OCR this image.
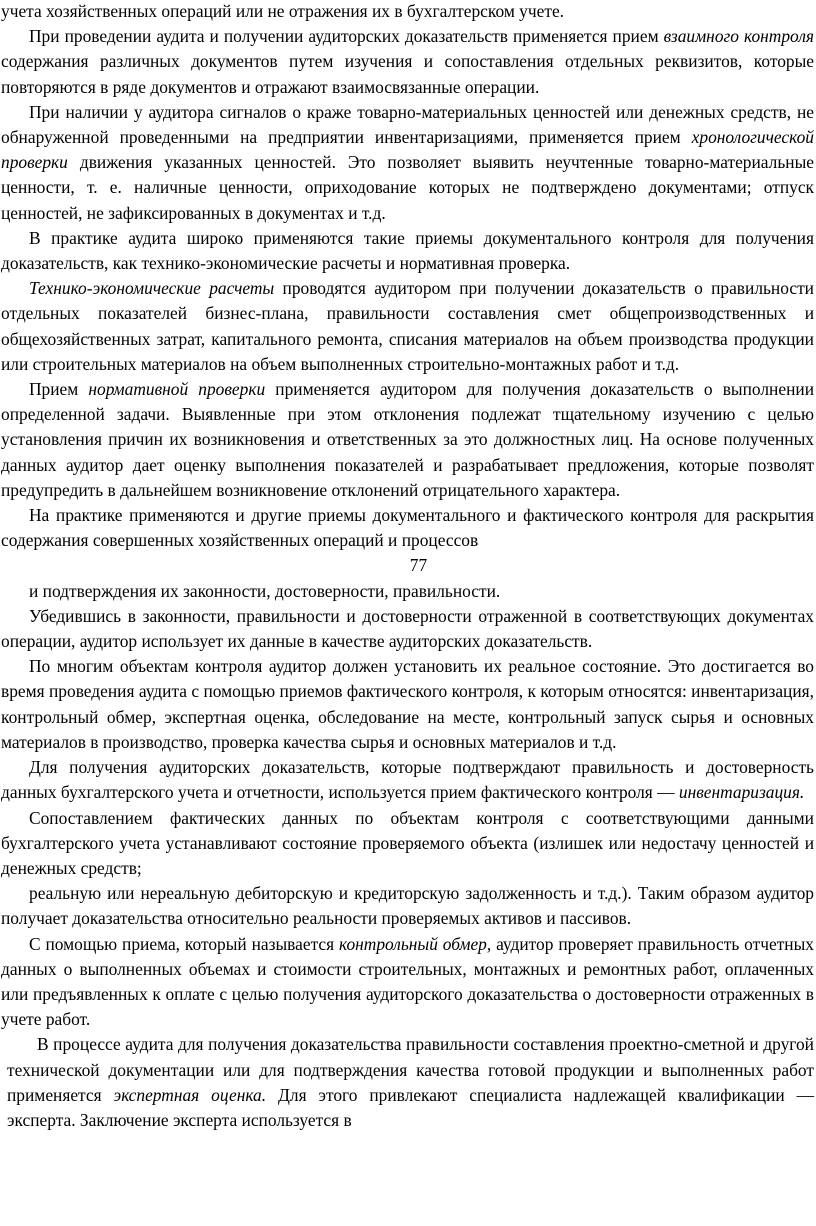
учета хозяйственных операций или не отражения их в бухгалтерском учете.

При проведении аудита и получении аудиторских доказательств применяется прием взаимного контроля содержания различных документов путем изучения и сопоставления отдельных реквизитов, которые повторяются в ряде документов и отражают взаимосвязанные операции.

При наличии у аудитора сигналов о краже товарно-материальных ценностей или денежных средств, не обнаруженной проведенными на предприятии инвентаризациями, применяется прием хронологической проверки движения указанных ценностей. Это позволяет выявить неучтенные товарно-материальные ценности, т. е. наличные ценности, оприходование которых не подтверждено документами; отпуск ценностей, не зафиксированных в документах и т.д.

В практике аудита широко применяются такие приемы документального контроля для получения доказательств, как технико-экономические расчеты и нормативная проверка.

Технико-экономические расчеты проводятся аудитором при получении доказательств о правильности отдельных показателей бизнес-плана, правильности составления смет общепроизводственных и общехозяйственных затрат, капитального ремонта, списания материалов на объем производства продукции или строительных материалов на объем выполненных строительно-монтажных работ и т.д.

Прием нормативной проверки применяется аудитором для получения доказательств о выполнении определенной задачи. Выявленные при этом отклонения подлежат тщательному изучению с целью установления причин их возникновения и ответственных за это должностных лиц. На основе полученных данных аудитор дает оценку выполнения показателей и разрабатывает предложения, которые позволят предупредить в дальнейшем возникновение отклонений отрицательного характера.

На практике применяются и другие приемы документального и фактического контроля для раскрытия содержания совершенных хозяйственных операций и процессов

77

и подтверждения их законности, достоверности, правильности.

Убедившись в законности, правильности и достоверности отраженной в соответствующих документах операции, аудитор использует их данные в качестве аудиторских доказательств.

По многим объектам контроля аудитор должен установить их реальное состояние. Это достигается во время проведения аудита с помощью приемов фактического контроля, к которым относятся: инвентаризация, контрольный обмер, экспертная оценка, обследование на месте, контрольный запуск сырья и основных материалов в производство, проверка качества сырья и основных материалов и т.д.

Для получения аудиторских доказательств, которые подтверждают правильность и достоверность данных бухгалтерского учета и отчетности, используется прием фактического контроля — инвентаризация.

Сопоставлением фактических данных по объектам контроля с соответствующими данными бухгалтерского учета устанавливают состояние проверяемого объекта (излишек или недостачу ценностей и денежных средств;

реальную или нереальную дебиторскую и кредиторскую задолженность и т.д.). Таким образом аудитор получает доказательства относительно реальности проверяемых активов и пассивов.

С помощью приема, который называется контрольный обмер, аудитор проверяет правильность отчетных данных о выполненных объемах и стоимости строительных, монтажных и ремонтных работ, оплаченных или предъявленных к оплате с целью получения аудиторского доказательства о достоверности отраженных в учете работ.

В процессе аудита для получения доказательства правильности составления проектно-сметной и другой технической документации или для подтверждения качества готовой продукции и выполненных работ применяется экспертная оценка. Для этого привлекают специалиста надлежащей квалификации — эксперта. Заключение эксперта используется в
